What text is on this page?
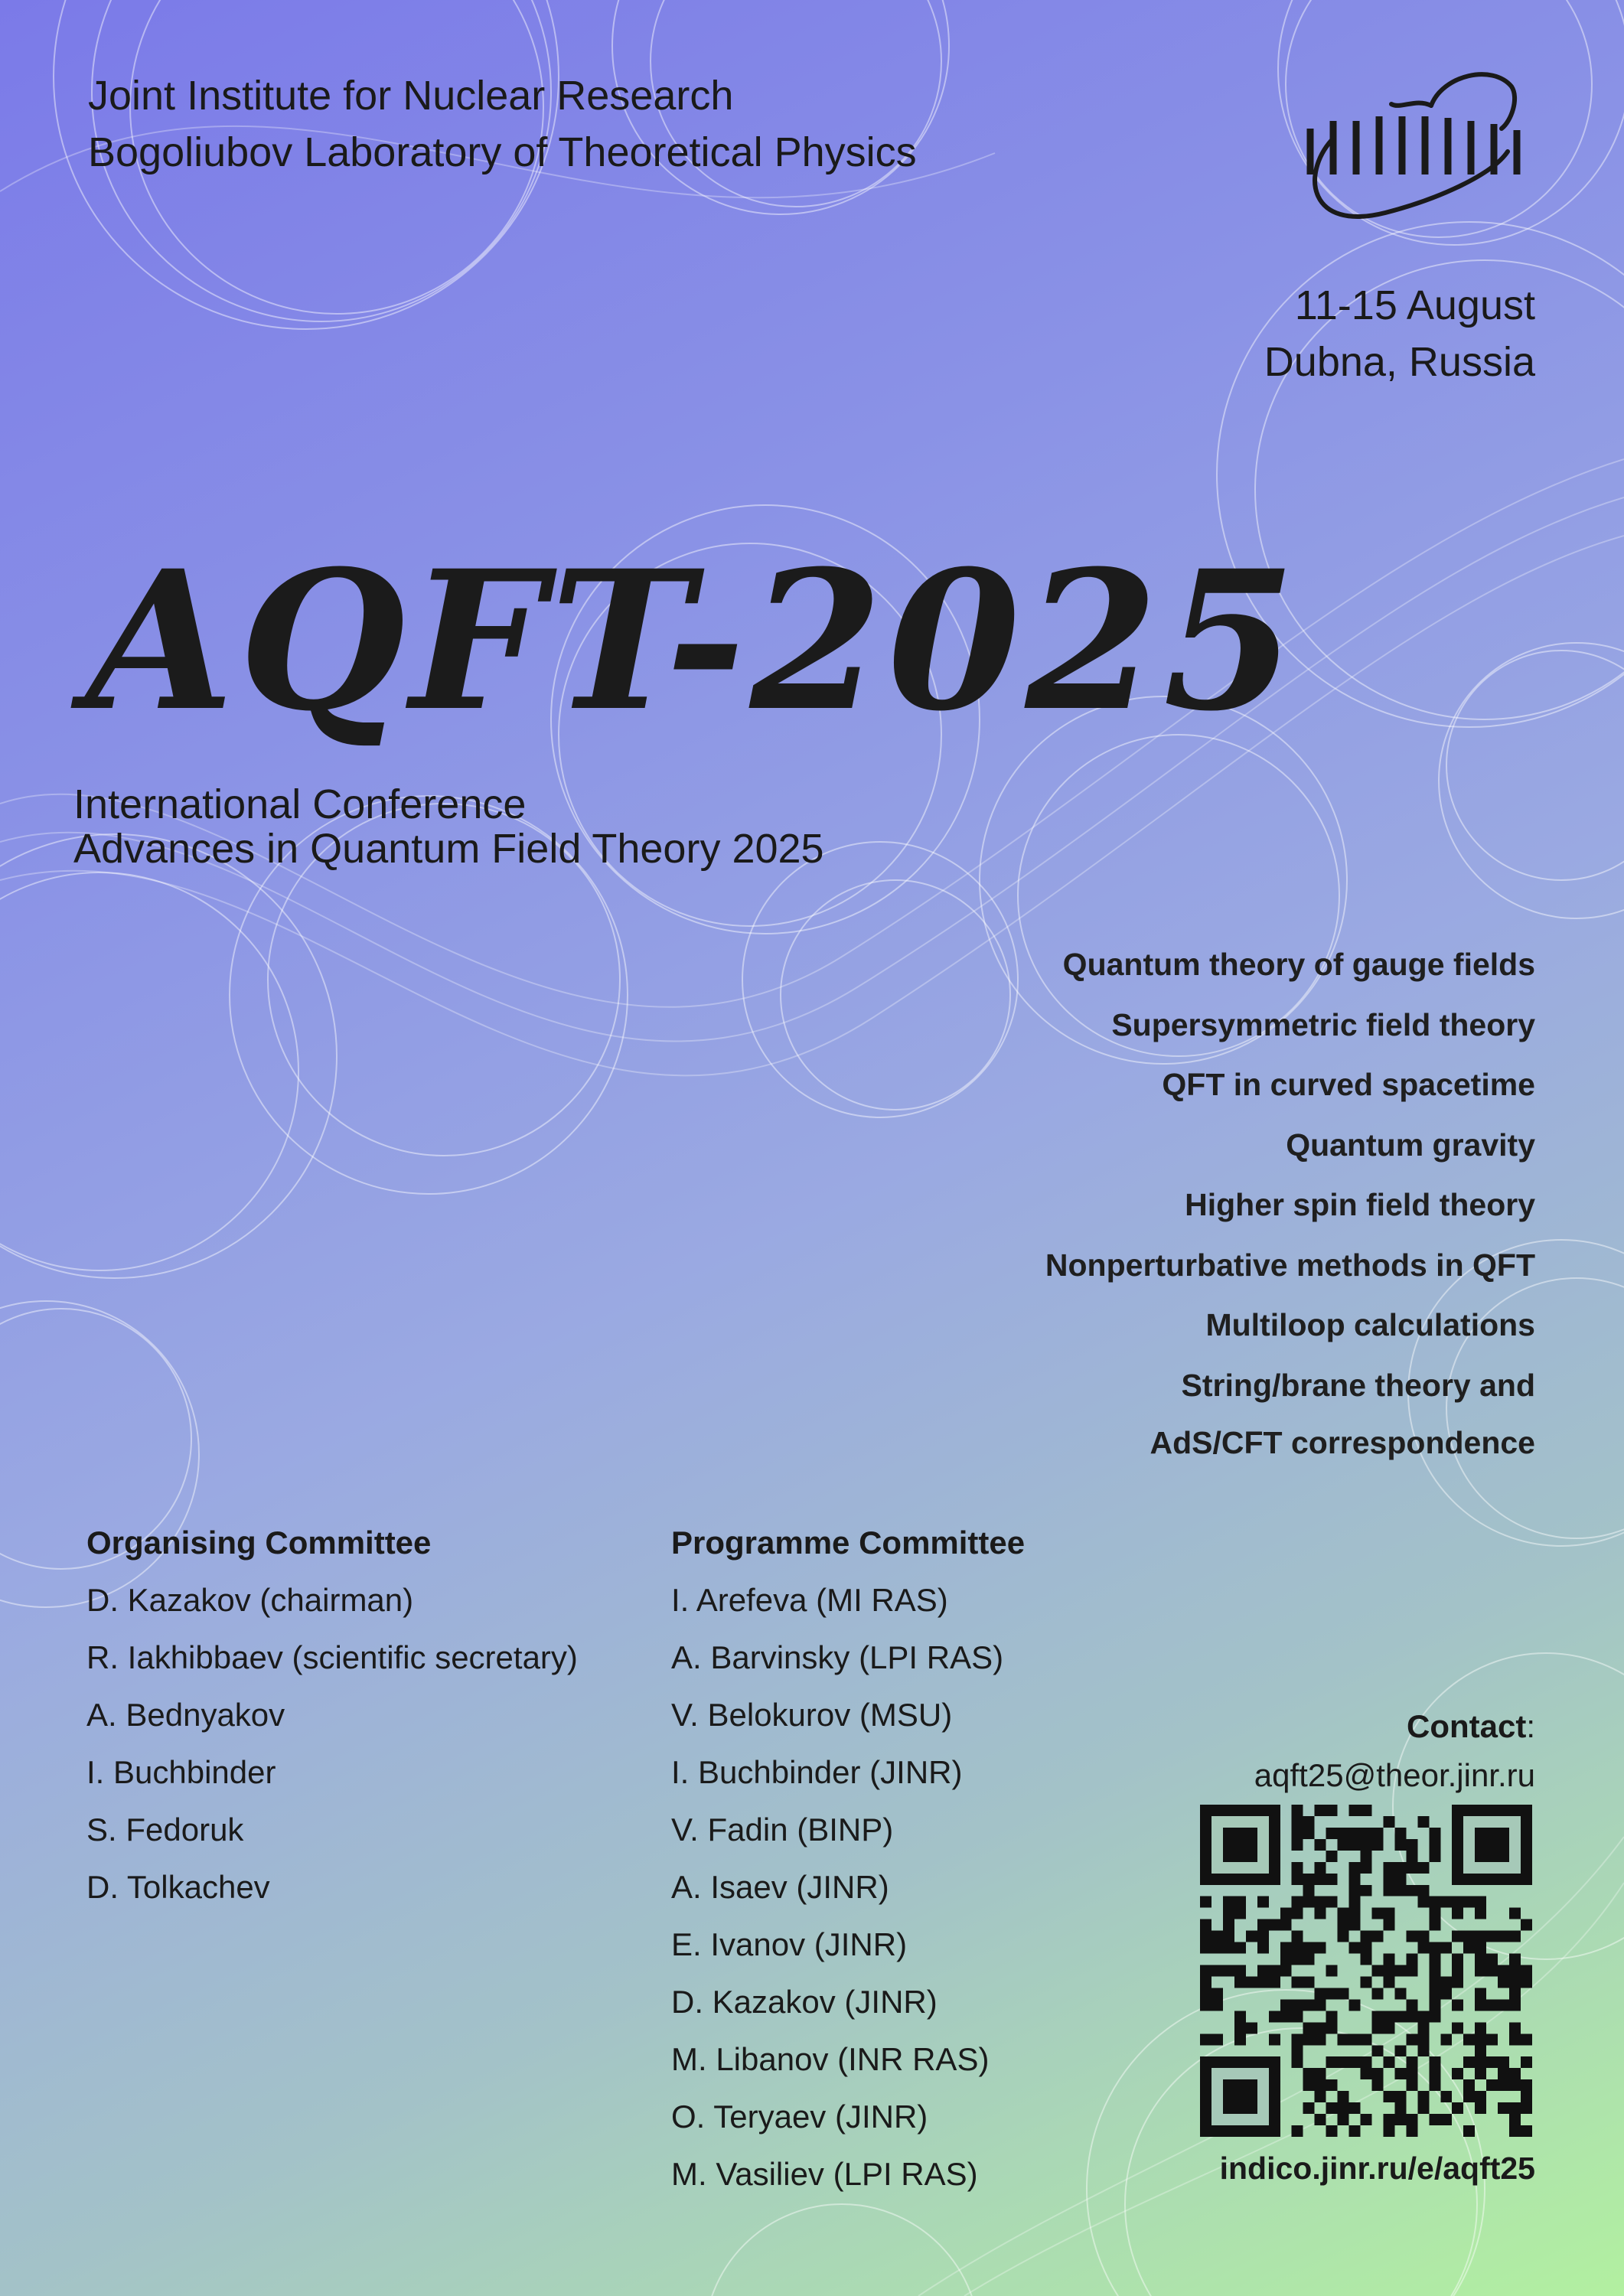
Joint Institute for Nuclear Research
Bogoliubov Laboratory of Theoretical Physics
11-15 August
Dubna, Russia
AQFT-2025
International Conference
Advances in Quantum Field Theory 2025
Quantum theory of gauge fields
Supersymmetric field theory
QFT in curved spacetime
Quantum gravity
Higher spin field theory
Nonperturbative methods in QFT
Multiloop calculations
String/brane theory and
AdS/CFT correspondence
Organising Committee
D. Kazakov (chairman)
R. Iakhibbaev (scientific secretary)
A. Bednyakov
I. Buchbinder
S. Fedoruk
D. Tolkachev
Programme Committee
I. Arefeva (MI RAS)
A. Barvinsky (LPI RAS)
V. Belokurov (MSU)
I. Buchbinder (JINR)
V. Fadin (BINP)
A. Isaev (JINR)
E. Ivanov (JINR)
D. Kazakov (JINR)
M. Libanov (INR RAS)
O. Teryaev (JINR)
M. Vasiliev (LPI RAS)
Contact:
aqft25@theor.jinr.ru
indico.jinr.ru/e/aqft25
